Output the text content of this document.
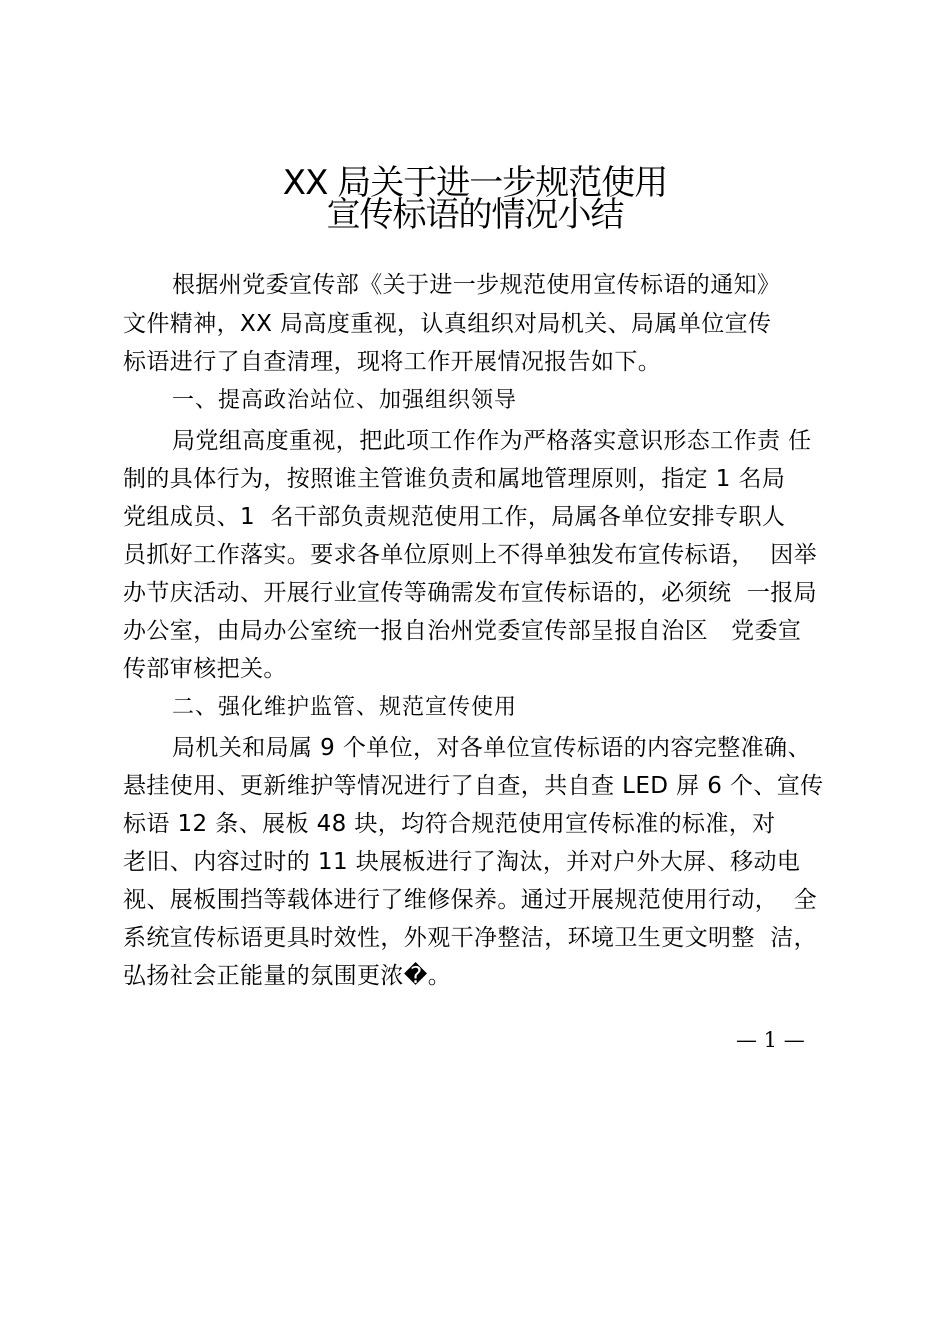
XX 局关于进一步规范使用
宣传标语的情况小结
根据州党委宣传部《关于进一步规范使用宣传标语的通知》
文件精神，XX 局高度重视，认真组织对局机关、局属单位宣传
标语进行了自查清理，现将工作开展情况报告如下。
一、提高政治站位、加强组织领导
局党组高度重视，把此项工作作为严格落实意识形态工作责 任
制的具体行为，按照谁主管谁负责和属地管理原则，指定 1 名局
党组成员、1  名干部负责规范使用工作，局属各单位安排专职人
员抓好工作落实。要求各单位原则上不得单独发布宣传标语，  因举
办节庆活动、开展行业宣传等确需发布宣传标语的，必须统  一报局
办公室，由局办公室统一报自治州党委宣传部呈报自治区   党委宣
传部审核把关。
二、强化维护监管、规范宣传使用
局机关和局属 9 个单位，对各单位宣传标语的内容完整准确、
悬挂使用、更新维护等情况进行了自查，共自查 LED 屏 6 个、宣传
标语 12 条、展板 48 块，均符合规范使用宣传标准的标准，对
老旧、内容过时的 11 块展板进行了淘汰，并对户外大屏、移动电
视、展板围挡等载体进行了维修保养。通过开展规范使用行动，  全
系统宣传标语更具时效性，外观干净整洁，环境卫生更文明整  洁，
弘扬社会正能量的氛围更浓�。
— 1 —
